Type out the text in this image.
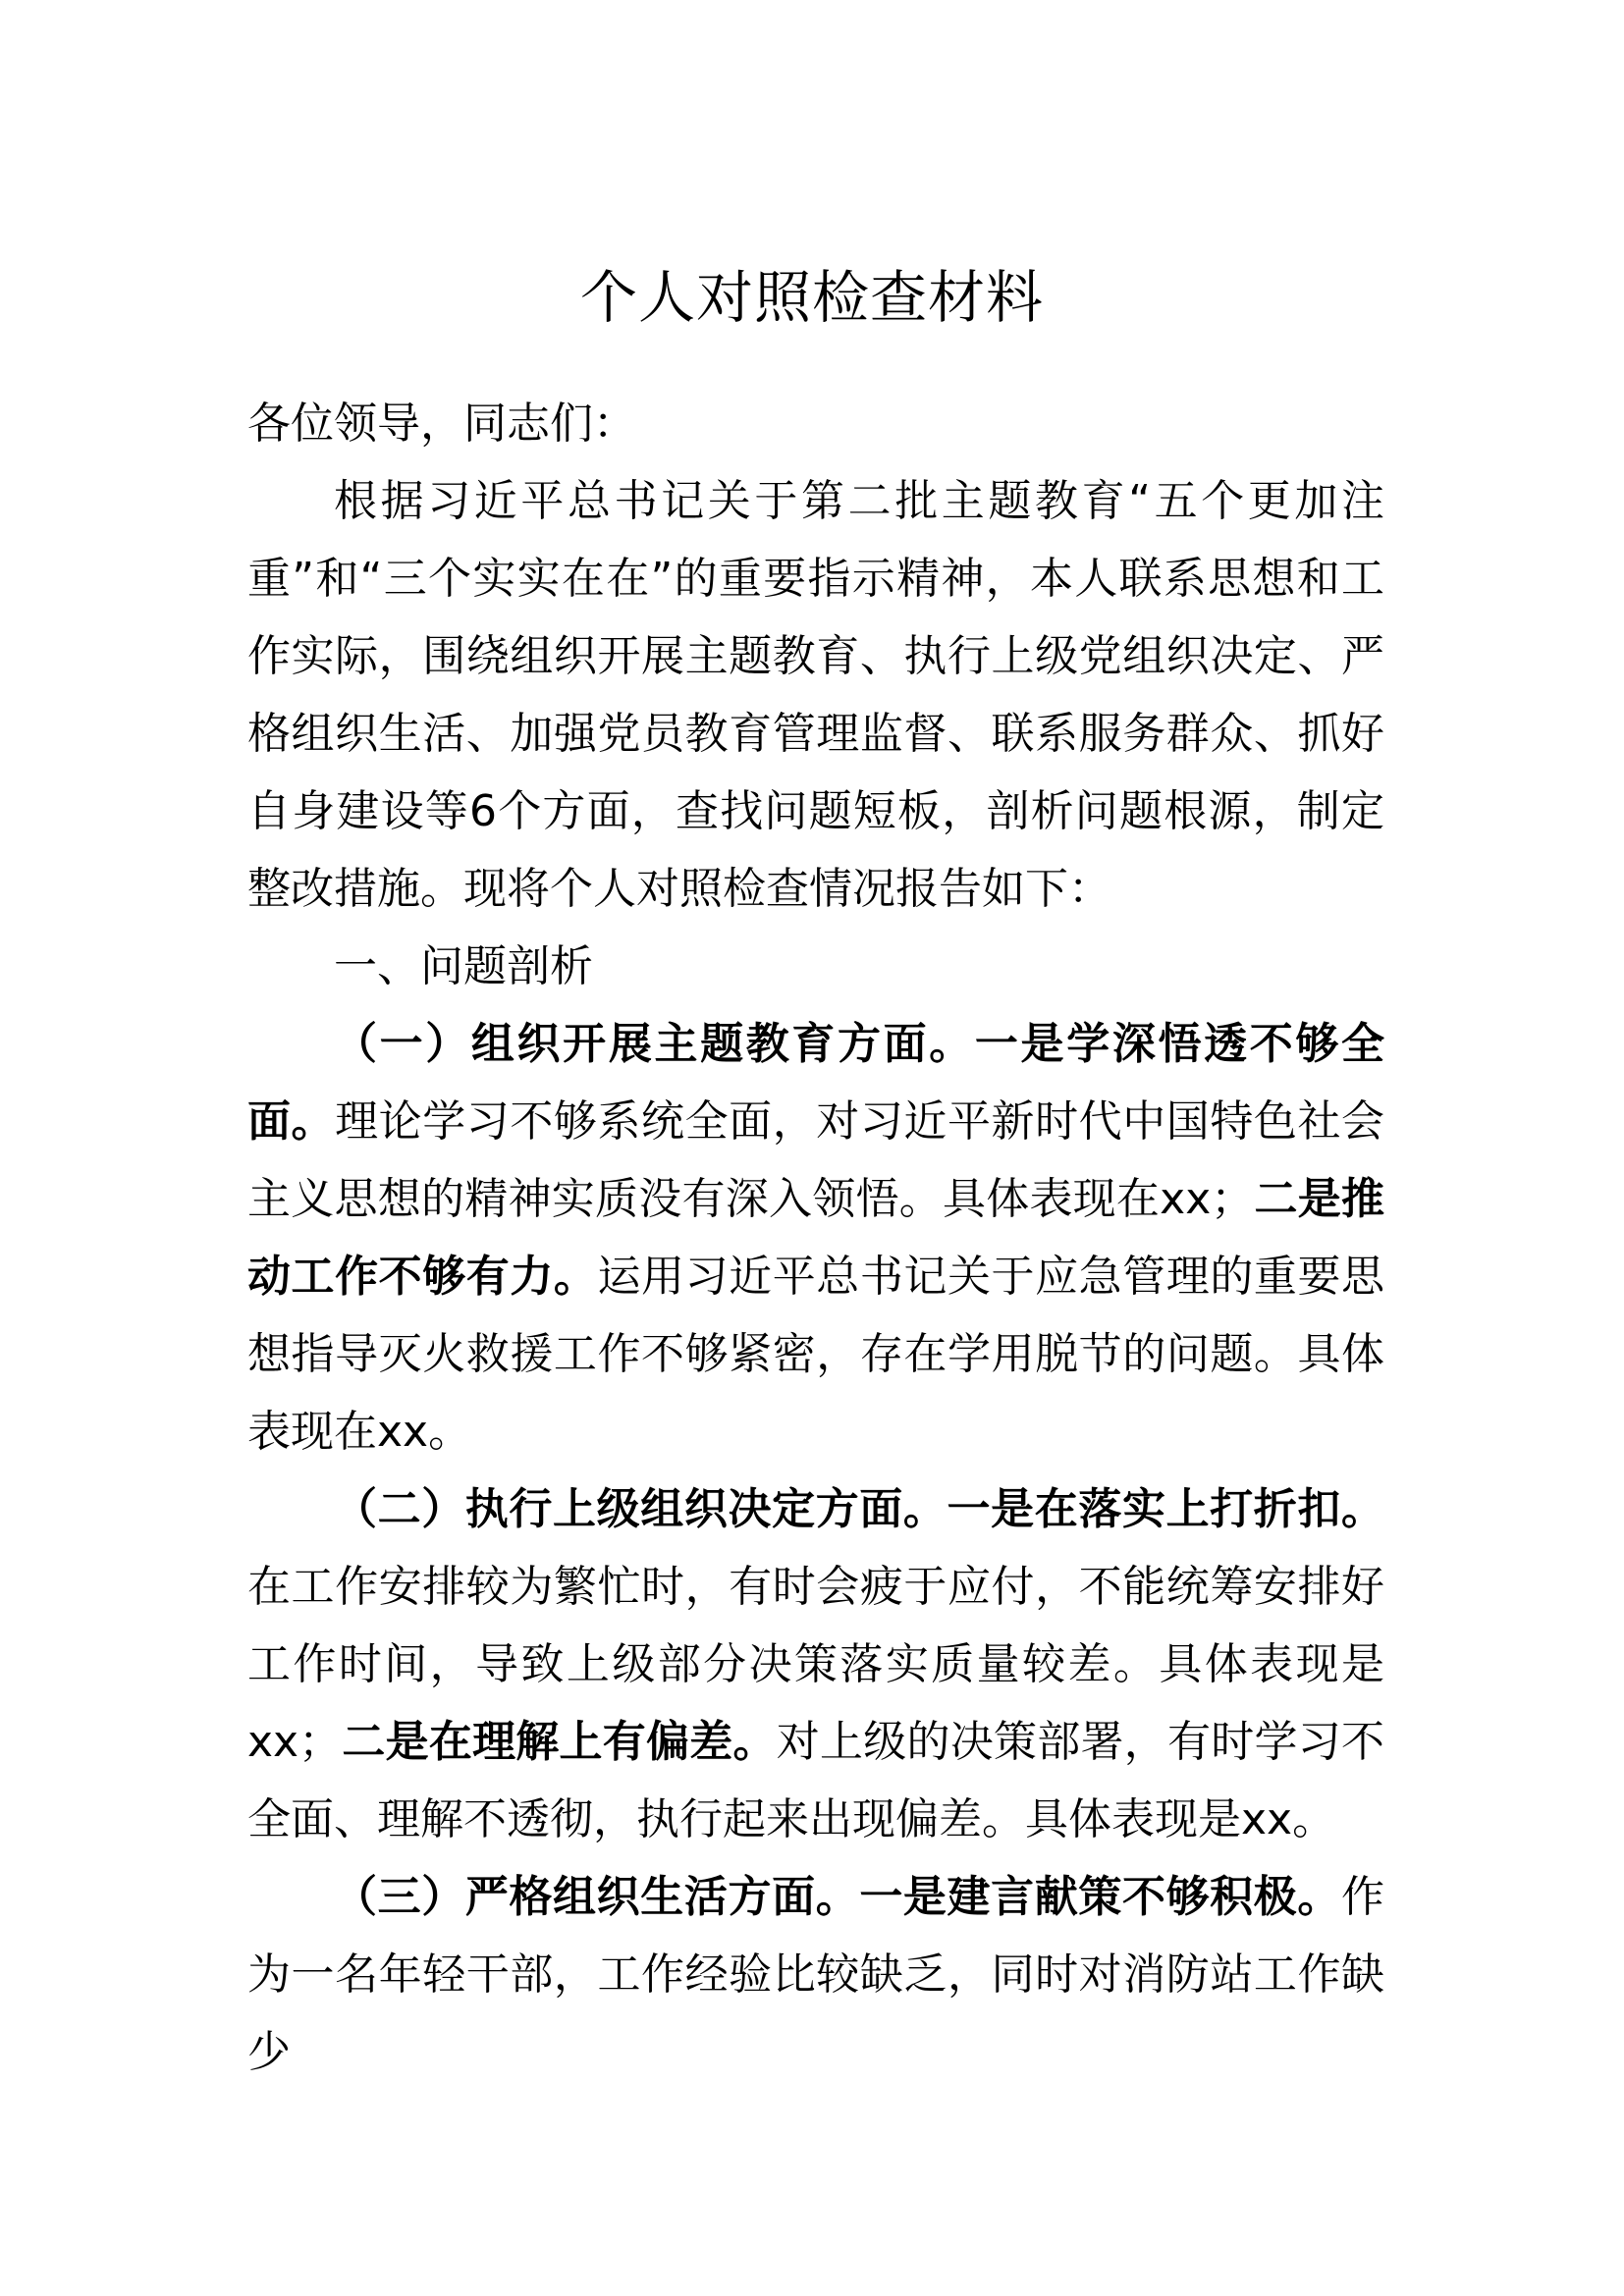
个人对照检查材料

各位领导，同志们：

根据习近平总书记关于第二批主题教育“五个更加注重”和“三个实实在在”的重要指示精神，本人联系思想和工作实际，围绕组织开展主题教育、执行上级党组织决定、严格组织生活、加强党员教育管理监督、联系服务群众、抓好自身建设等6个方面，查找问题短板，剖析问题根源，制定整改措施。现将个人对照检查情况报告如下：

一、问题剖析

（一）组织开展主题教育方面。一是学深悟透不够全面。理论学习不够系统全面，对习近平新时代中国特色社会主义思想的精神实质没有深入领悟。具体表现在xx；二是推动工作不够有力。运用习近平总书记关于应急管理的重要思想指导灭火救援工作不够紧密，存在学用脱节的问题。具体表现在xx。

（二）执行上级组织决定方面。一是在落实上打折扣。在工作安排较为繁忙时，有时会疲于应付，不能统筹安排好工作时间，导致上级部分决策落实质量较差。具体表现是xx；二是在理解上有偏差。对上级的决策部署，有时学习不全面、理解不透彻，执行起来出现偏差。具体表现是xx。

（三）严格组织生活方面。一是建言献策不够积极。作为一名年轻干部，工作经验比较缺乏，同时对消防站工作缺少
